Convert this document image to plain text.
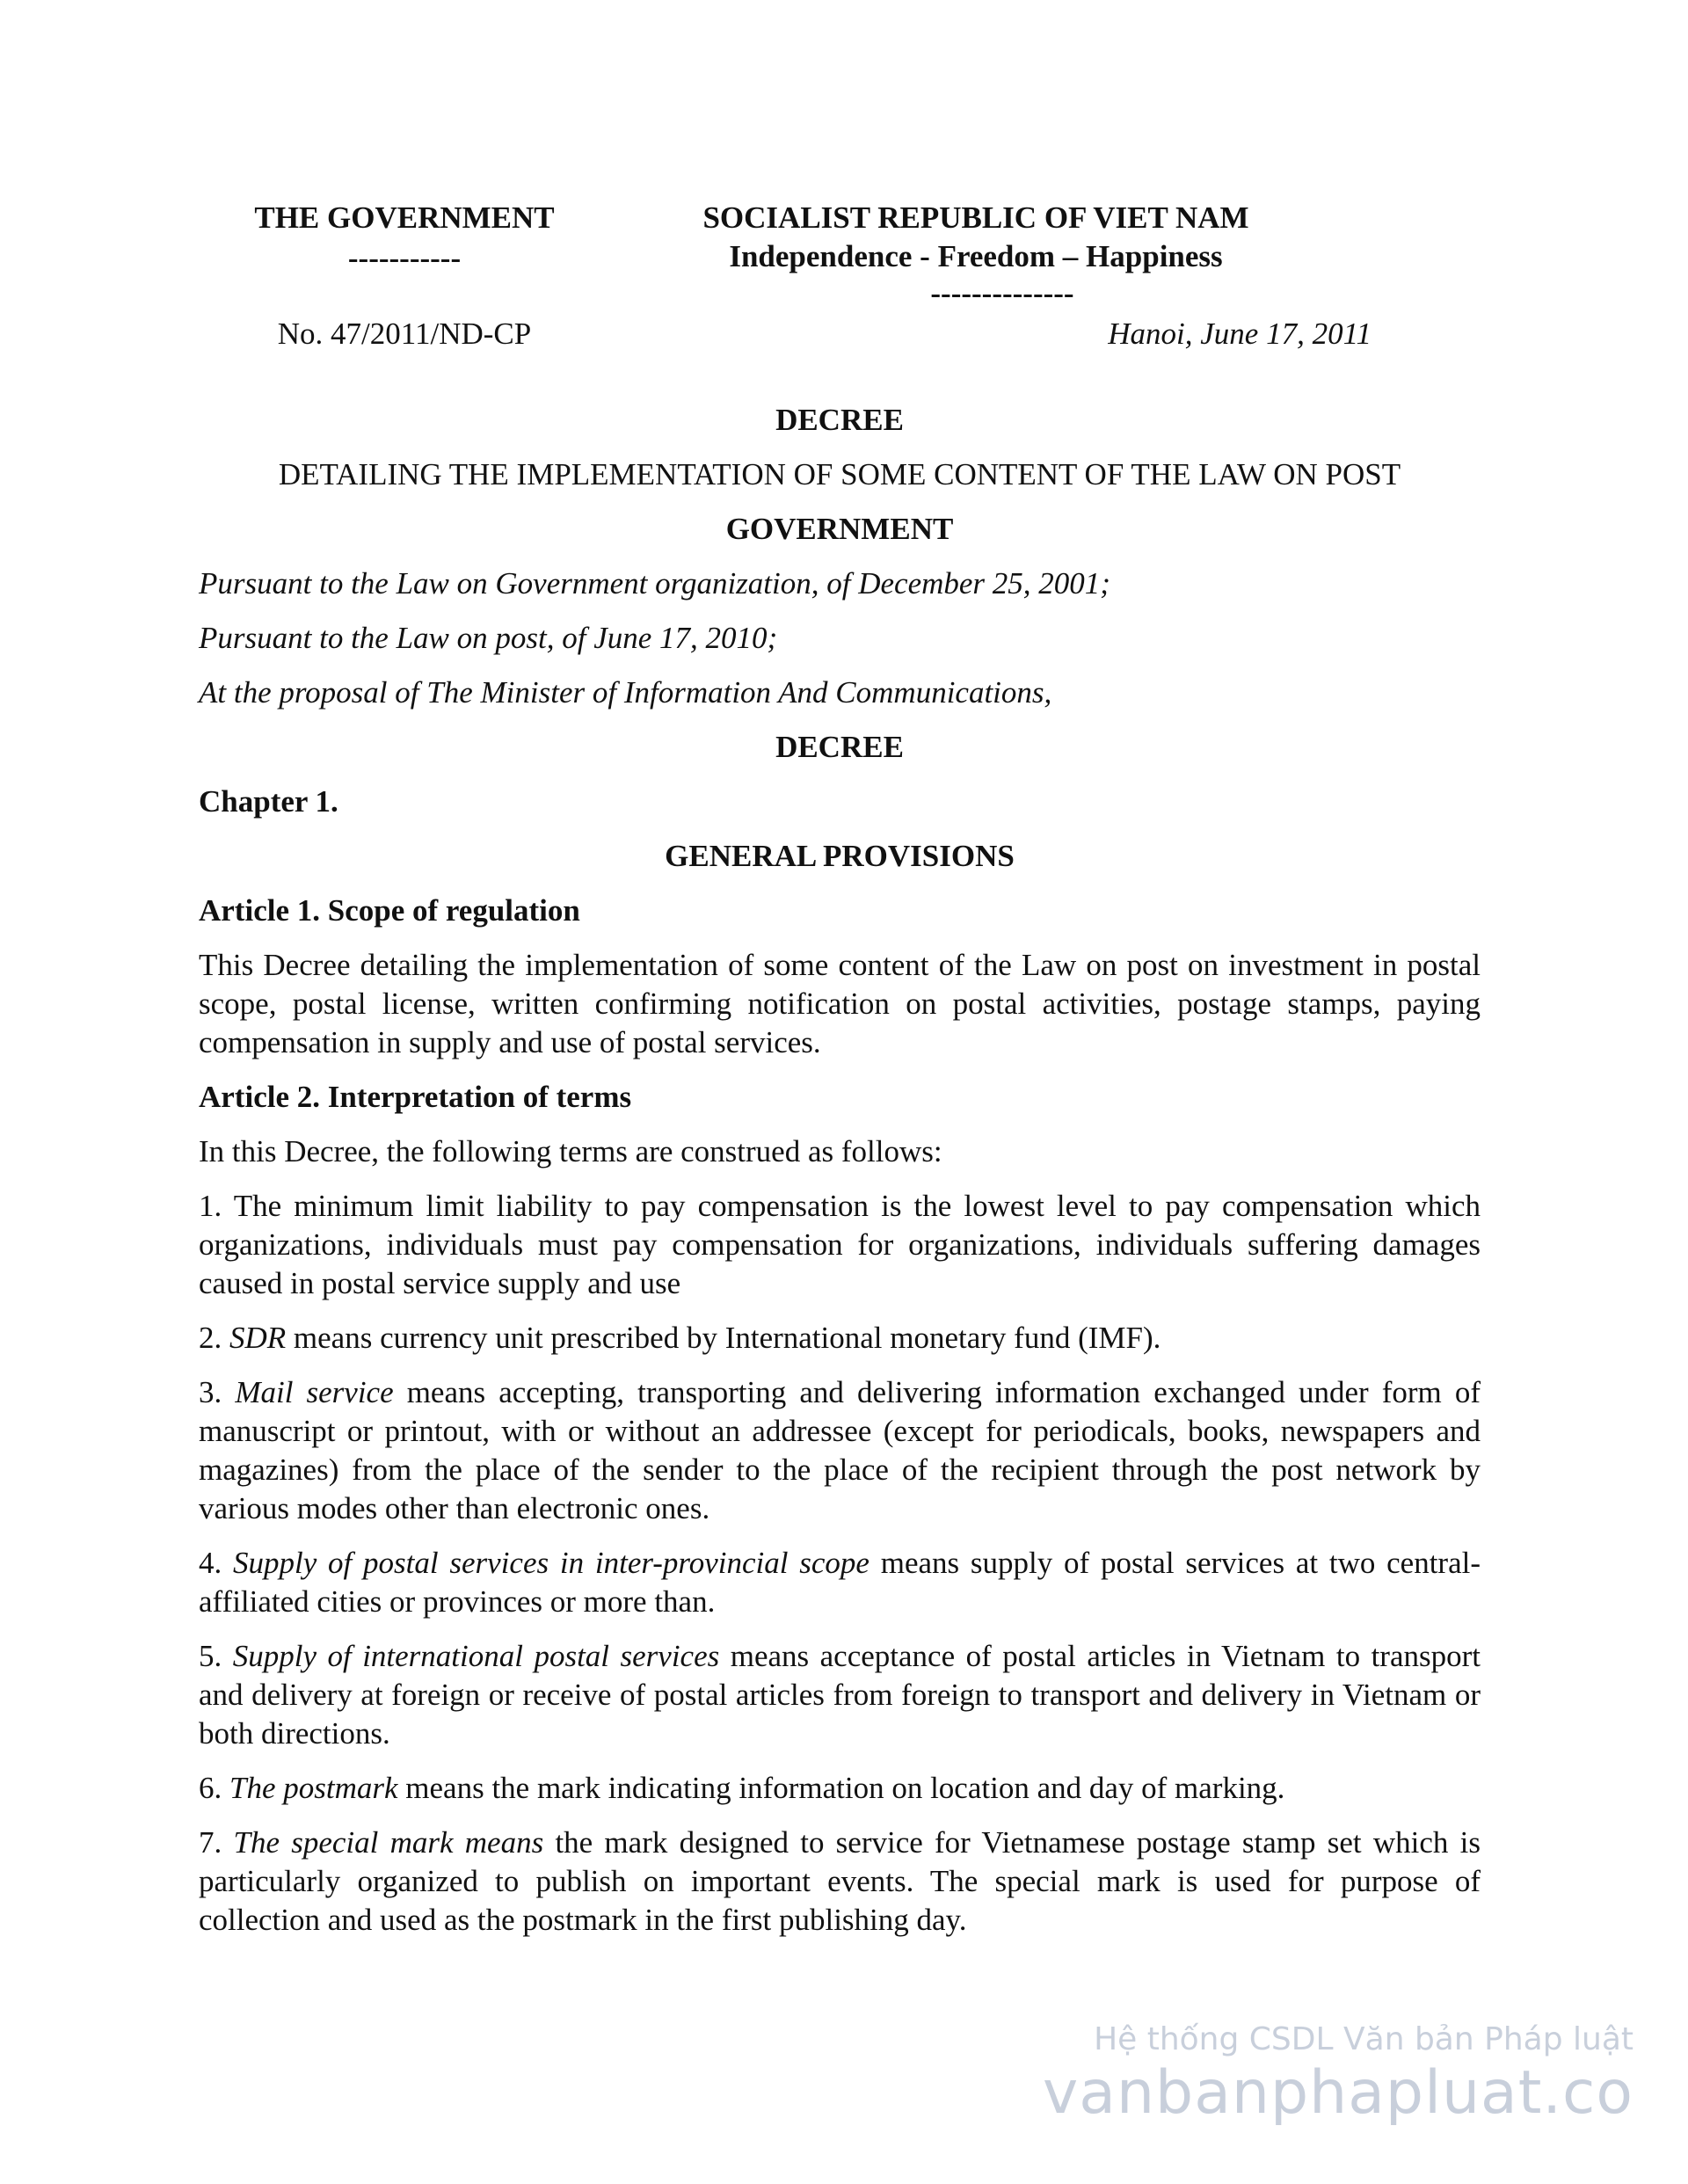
THE GOVERNMENT
-----------
SOCIALIST REPUBLIC OF VIET NAM
Independence - Freedom – Happiness
--------------
No. 47/2011/ND-CP	Hanoi, June 17, 2011

DECREE

DETAILING THE IMPLEMENTATION OF SOME CONTENT OF THE LAW ON POST

GOVERNMENT

Pursuant to the Law on Government organization, of December 25, 2001;

Pursuant to the Law on post, of June 17, 2010;

At the proposal of The Minister of Information And Communications,

DECREE

Chapter 1.

GENERAL PROVISIONS

Article 1. Scope of regulation

This Decree detailing the implementation of some content of the Law on post on investment in postal scope, postal license, written confirming notification on postal activities, postage stamps, paying compensation in supply and use of postal services.

Article 2. Interpretation of terms

In this Decree, the following terms are construed as follows:

1. The minimum limit liability to pay compensation is the lowest level to pay compensation which organizations, individuals must pay compensation for organizations, individuals suffering damages caused in postal service supply and use

2. SDR means currency unit prescribed by International monetary fund (IMF).

3. Mail service means accepting, transporting and delivering information exchanged under form of manuscript or printout, with or without an addressee (except for periodicals, books, newspapers and magazines) from the place of the sender to the place of the recipient through the post network by various modes other than electronic ones.

4. Supply of postal services in inter-provincial scope means supply of postal services at two central-affiliated cities or provinces or more than.

5. Supply of international postal services means acceptance of postal articles in Vietnam to transport and delivery at foreign or receive of postal articles from foreign to transport and delivery in Vietnam or both directions.

6. The postmark means the mark indicating information on location and day of marking.

7. The special mark means the mark designed to service for Vietnamese postage stamp set which is particularly organized to publish on important events. The special mark is used for purpose of collection and used as the postmark in the first publishing day.

Hệ thống CSDL Văn bản Pháp luật
vanbanphapluat.co
